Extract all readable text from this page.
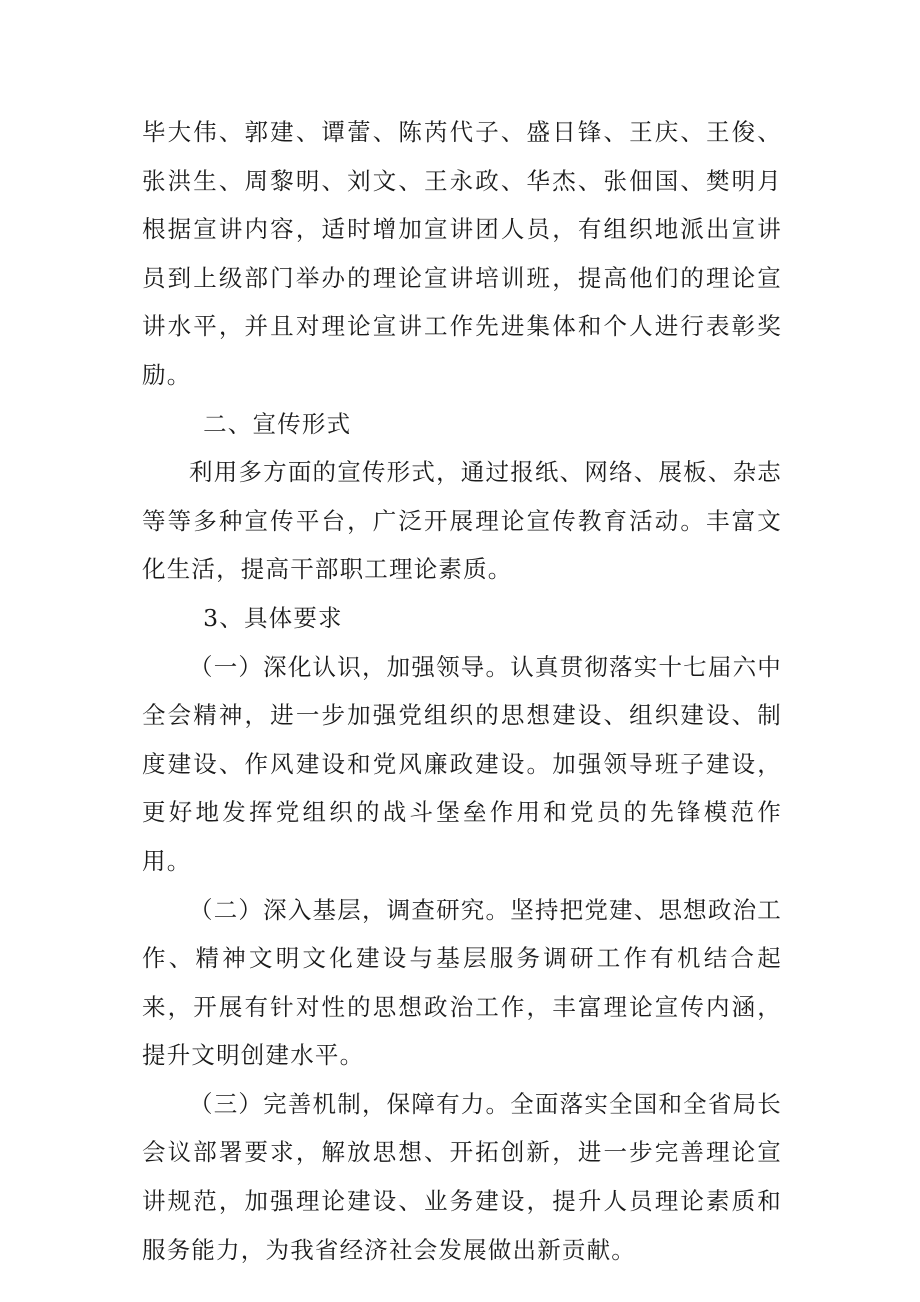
毕大伟、郭建、谭蕾、陈芮代子、盛日锋、王庆、王俊、张洪生、周黎明、刘文、王永政、华杰、张佃国、樊明月 根据宣讲内容，适时增加宣讲团人员，有组织地派出宣讲员到上级部门举办的理论宣讲培训班，提高他们的理论宣讲水平，并且对理论宣讲工作先进集体和个人进行表彰奖励。

二、宣传形式

利用多方面的宣传形式，通过报纸、网络、展板、杂志等等多种宣传平台，广泛开展理论宣传教育活动。丰富文化生活，提高干部职工理论素质。

3、具体要求

（一）深化认识，加强领导。认真贯彻落实十七届六中全会精神，进一步加强党组织的思想建设、组织建设、制度建设、作风建设和党风廉政建设。加强领导班子建设，更好地发挥党组织的战斗堡垒作用和党员的先锋模范作用。

（二）深入基层，调查研究。坚持把党建、思想政治工作、精神文明文化建设与基层服务调研工作有机结合起来，开展有针对性的思想政治工作，丰富理论宣传内涵，提升文明创建水平。

（三）完善机制，保障有力。全面落实全国和全省局长会议部署要求，解放思想、开拓创新，进一步完善理论宣讲规范，加强理论建设、业务建设，提升人员理论素质和服务能力，为我省经济社会发展做出新贡献。
